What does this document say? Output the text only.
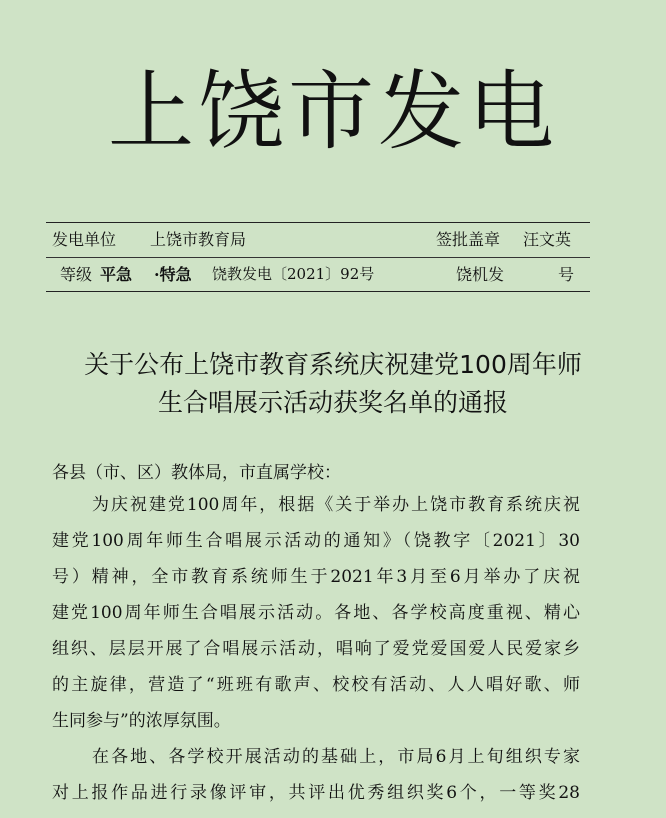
上饶市发电
发电单位 上饶市教育局	签批盖章 汪文英
等级 平急 ·特急 饶教发电〔2021〕92号	饶机发	号
关于公布上饶市教育系统庆祝建党100周年师
生合唱展示活动获奖名单的通报
各县（市、区）教体局，市直属学校：
为庆祝建党100周年，根据《关于举办上饶市教育系统庆祝
建党100周年师生合唱展示活动的通知》（饶教字〔2021〕30
号）精神，全市教育系统师生于2021年3月至6月举办了庆祝
建党100周年师生合唱展示活动。各地、各学校高度重视、精心
组织、层层开展了合唱展示活动，唱响了爱党爱国爱人民爱家乡
的主旋律，营造了“班班有歌声、校校有活动、人人唱好歌、师
生同参与”的浓厚氛围。
在各地、各学校开展活动的基础上，市局6月上旬组织专家
对上报作品进行录像评审，共评出优秀组织奖6个，一等奖28
